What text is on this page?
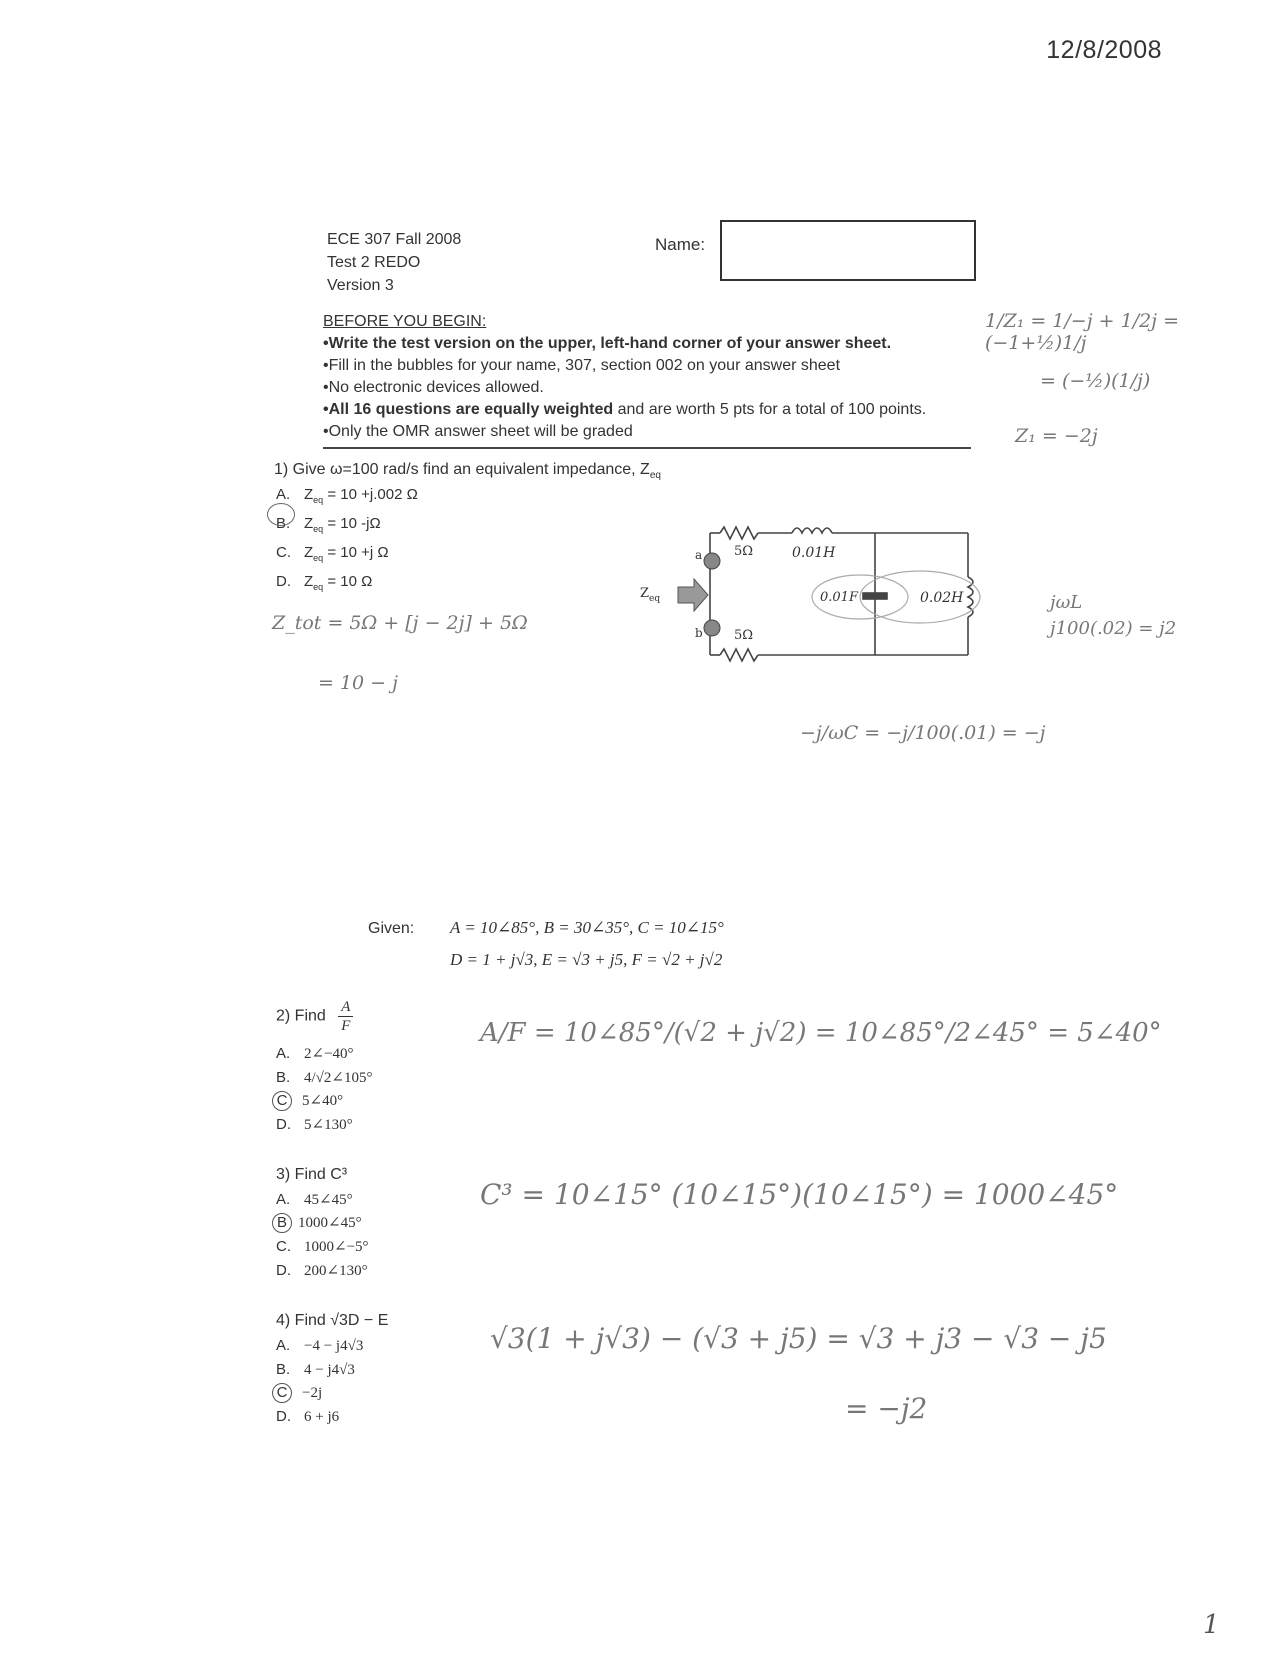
12/8/2008
ECE 307 Fall 2008
Test 2 REDO
Version 3
Name:
BEFORE YOU BEGIN:
•Write the test version on the upper, left-hand corner of your answer sheet.
•Fill in the bubbles for your name, 307, section 002 on your answer sheet
•No electronic devices allowed.
•All 16 questions are equally weighted and are worth 5 pts for a total of 100 points.
•Only the OMR answer sheet will be graded
1) Give ω=100 rad/s find an equivalent impedance, $Z_{eq}$
A. $Z_{eq} = 10 +j.002$ Ω
B. $Z_{eq} = 10$ -jΩ
C. $Z_{eq} = 10 +j$ Ω
D. $Z_{eq} = 10$ Ω
5Ω	0.01H
0.01F	0.02H
5Ω
a
b
Z eq
1/Z₁ = 1/−j + 1/2j = (−1+½)1/j
= (−½)(1/j)
Z₁ = −2j
Z_tot = 5Ω + [j − 2j] + 5Ω
= 10 − j
jωL
j100(.02) = j2
−j/ωC = −j/100(.01) = −j
Given: A = 10∠85°, B = 30∠35°, C = 10∠15°
D = 1 + j√3, E = √3 + j5, F = √2 + j√2
2) Find $\frac{A}{F}$
A. 2∠−40°
B. 4/√2∠105°
C 5∠40°
D. 5∠130°
A/F = 10∠85°/(√2 + j√2) = 10∠85°/2∠45° = 5∠40°
3) Find C³
A. 45∠45°
B 1000∠45°
C. 1000∠−5°
D. 200∠130°
C³ = 10∠15° (10∠15°)(10∠15°) = 1000∠45°
4) Find √3D − E
A. −4 − j4√3
B. 4 − j4√3
C −2j
D. 6 + j6
√3(1 + j√3) − (√3 + j5) = √3 + j3 − √3 − j5
= −j2
1
